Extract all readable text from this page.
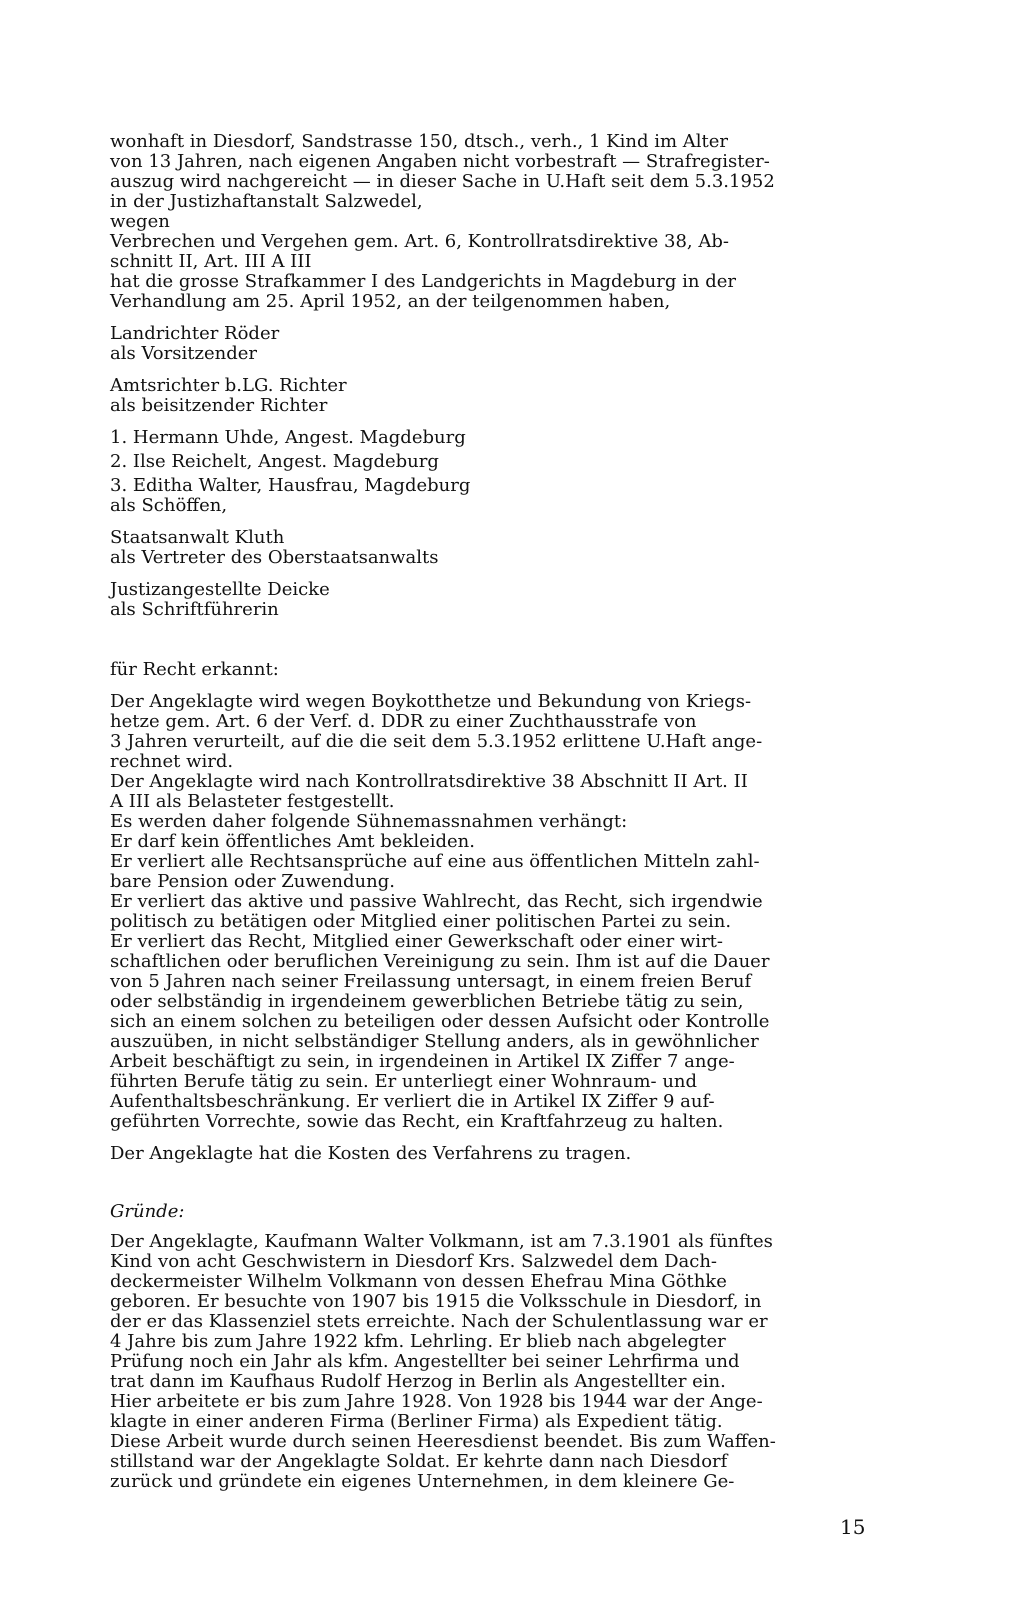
wonhaft in Diesdorf, Sandstrasse 150, dtsch., verh., 1 Kind im Alter

von 13 Jahren, nach eigenen Angaben nicht vorbestraft — Strafregister-

auszug wird nachgereicht — in dieser Sache in U.Haft seit dem 5.3.1952

in der Justizhaftanstalt Salzwedel,

wegen

Verbrechen und Vergehen gem. Art. 6, Kontrollratsdirektive 38, Ab-

schnitt II, Art. III A III

hat die grosse Strafkammer I des Landgerichts in Magdeburg in der

Verhandlung am 25. April 1952, an der teilgenommen haben,

Landrichter Röder

als Vorsitzender

Amtsrichter b.LG. Richter

als beisitzender Richter

1. Hermann Uhde, Angest. Magdeburg

2. Ilse Reichelt, Angest. Magdeburg

3. Editha Walter, Hausfrau, Magdeburg

als Schöffen,

Staatsanwalt Kluth

als Vertreter des Oberstaatsanwalts

Justizangestellte Deicke

als Schriftführerin

für Recht erkannt:

Der Angeklagte wird wegen Boykotthetze und Bekundung von Kriegs-

hetze gem. Art. 6 der Verf. d. DDR zu einer Zuchthausstrafe von

3 Jahren verurteilt, auf die die seit dem 5.3.1952 erlittene U.Haft ange-

rechnet wird.

Der Angeklagte wird nach Kontrollratsdirektive 38 Abschnitt II Art. II

A III als Belasteter festgestellt.

Es werden daher folgende Sühnemassnahmen verhängt:

Er darf kein öffentliches Amt bekleiden.

Er verliert alle Rechtsansprüche auf eine aus öffentlichen Mitteln zahl-

bare Pension oder Zuwendung.

Er verliert das aktive und passive Wahlrecht, das Recht, sich irgendwie

politisch zu betätigen oder Mitglied einer politischen Partei zu sein.

Er verliert das Recht, Mitglied einer Gewerkschaft oder einer wirt-

schaftlichen oder beruflichen Vereinigung zu sein. Ihm ist auf die Dauer

von 5 Jahren nach seiner Freilassung untersagt, in einem freien Beruf

oder selbständig in irgendeinem gewerblichen Betriebe tätig zu sein,

sich an einem solchen zu beteiligen oder dessen Aufsicht oder Kontrolle

auszuüben, in nicht selbständiger Stellung anders, als in gewöhnlicher

Arbeit beschäftigt zu sein, in irgendeinen in Artikel IX Ziffer 7 ange-

führten Berufe tätig zu sein. Er unterliegt einer Wohnraum- und

Aufenthaltsbeschränkung. Er verliert die in Artikel IX Ziffer 9 auf-

geführten Vorrechte, sowie das Recht, ein Kraftfahrzeug zu halten.

Der Angeklagte hat die Kosten des Verfahrens zu tragen.

Gründe:

Der Angeklagte, Kaufmann Walter Volkmann, ist am 7.3.1901 als fünftes

Kind von acht Geschwistern in Diesdorf Krs. Salzwedel dem Dach-

deckermeister Wilhelm Volkmann von dessen Ehefrau Mina Göthke

geboren. Er besuchte von 1907 bis 1915 die Volksschule in Diesdorf, in

der er das Klassenziel stets erreichte. Nach der Schulentlassung war er

4 Jahre bis zum Jahre 1922 kfm. Lehrling. Er blieb nach abgelegter

Prüfung noch ein Jahr als kfm. Angestellter bei seiner Lehrfirma und

trat dann im Kaufhaus Rudolf Herzog in Berlin als Angestellter ein.

Hier arbeitete er bis zum Jahre 1928. Von 1928 bis 1944 war der Ange-

klagte in einer anderen Firma (Berliner Firma) als Expedient tätig.

Diese Arbeit wurde durch seinen Heeresdienst beendet. Bis zum Waffen-

stillstand war der Angeklagte Soldat. Er kehrte dann nach Diesdorf

zurück und gründete ein eigenes Unternehmen, in dem kleinere Ge-

15
